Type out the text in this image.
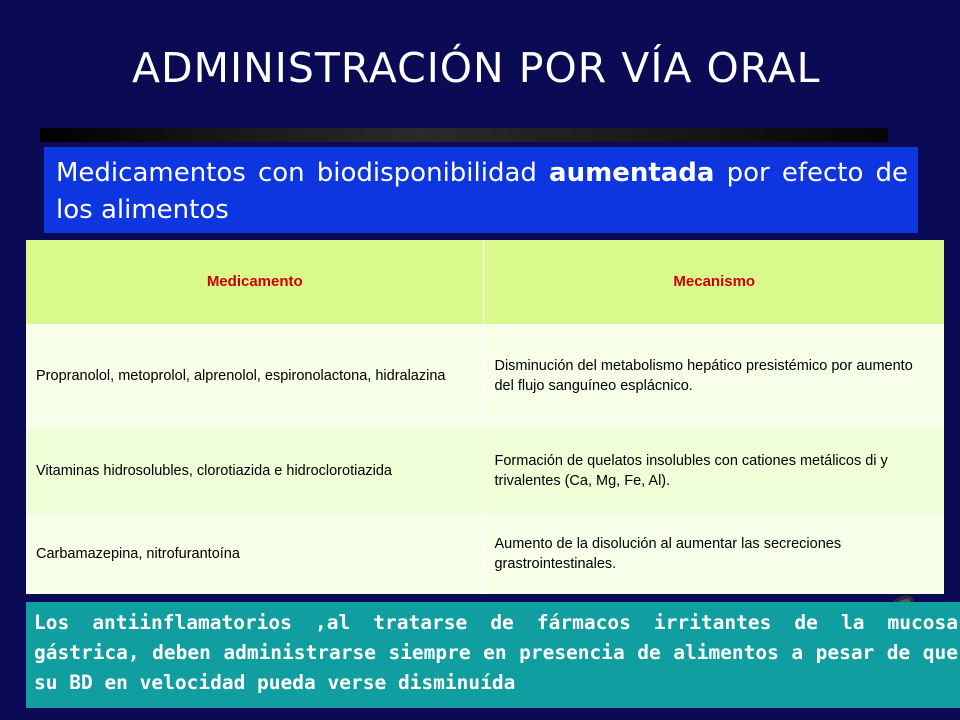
ADMINISTRACIÓN POR VÍA ORAL
Medicamentos con biodisponibilidad aumentada por efecto de los alimentos
Medicamento	Mecanismo
Propranolol, metoprolol, alprenolol, espironolactona, hidralazina	Disminución del metabolismo hepático presistémico por aumento del flujo sanguíneo esplácnico.
Vitaminas hidrosolubles, clorotiazida e hidroclorotiazida	Formación de quelatos insolubles con cationes metálicos di y trivalentes (Ca, Mg, Fe, Al).
Carbamazepina, nitrofurantoína	Aumento de la disolución al aumentar las secreciones grastrointestinales.
Los antiinflamatorios ,al tratarse de fármacos irritantes de la mucosa gástrica, deben administrarse siempre en presencia de alimentos a pesar de que su BD en velocidad pueda verse disminuída
